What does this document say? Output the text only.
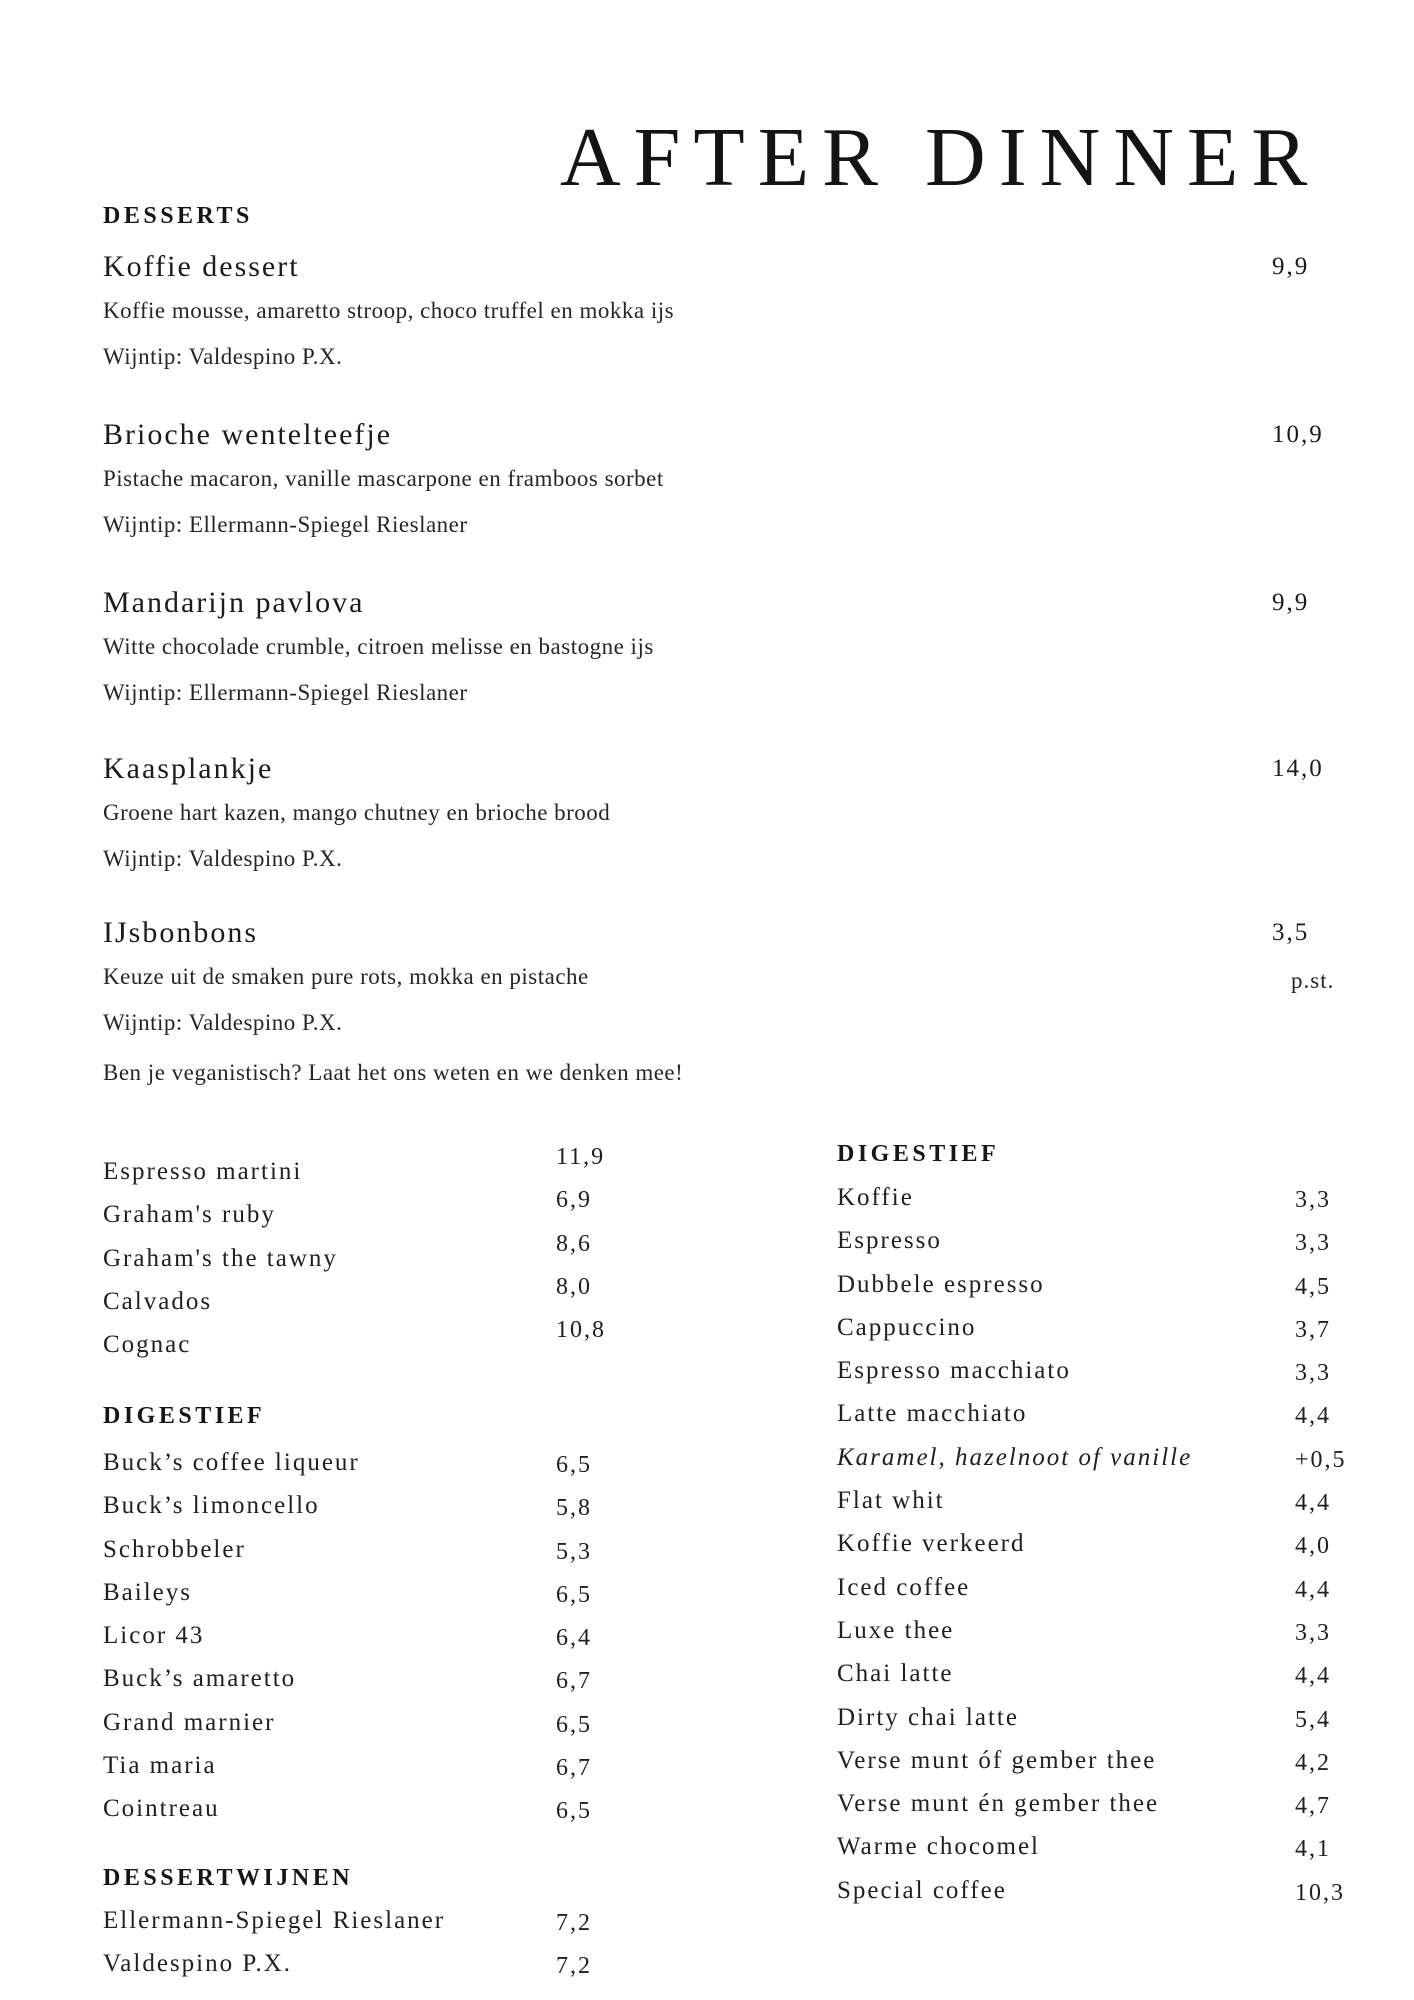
AFTER DINNER
DESSERTS
Koffie dessert	9,9
Koffie mousse, amaretto stroop, choco truffel en mokka ijs
Wijntip: Valdespino P.X.
Brioche wentelteefje	10,9
Pistache macaron, vanille mascarpone en framboos sorbet
Wijntip: Ellermann-Spiegel Rieslaner
Mandarijn pavlova	9,9
Witte chocolade crumble, citroen melisse en bastogne ijs
Wijntip: Ellermann-Spiegel Rieslaner
Kaasplankje	14,0
Groene hart kazen, mango chutney en brioche brood
Wijntip: Valdespino P.X.
IJsbonbons	3,5
p.st.
Keuze uit de smaken pure rots, mokka en pistache
Wijntip: Valdespino P.X.
Ben je veganistisch? Laat het ons weten en we denken mee!
Espresso martini
11,9
Graham's ruby
6,9
Graham's the tawny
8,6
Calvados
8,0
Cognac
10,8
DIGESTIEF
Buck’s coffee liqueur	6,5
Buck’s limoncello	5,8
Schrobbeler	5,3
Baileys	6,5
Licor 43	6,4
Buck’s amaretto	6,7
Grand marnier	6,5
Tia maria	6,7
Cointreau	6,5
DESSERTWIJNEN
Ellermann-Spiegel Rieslaner	7,2
Valdespino P.X.	7,2
DIGESTIEF
Koffie	3,3
Espresso	3,3
Dubbele espresso	4,5
Cappuccino	3,7
Espresso macchiato	3,3
Latte macchiato	4,4
Karamel, hazelnoot of vanille	+0,5
Flat whit	4,4
Koffie verkeerd	4,0
Iced coffee	4,4
Luxe thee	3,3
Chai latte	4,4
Dirty chai latte	5,4
Verse munt óf gember thee	4,2
Verse munt én gember thee	4,7
Warme chocomel	4,1
Special coffee	10,3
